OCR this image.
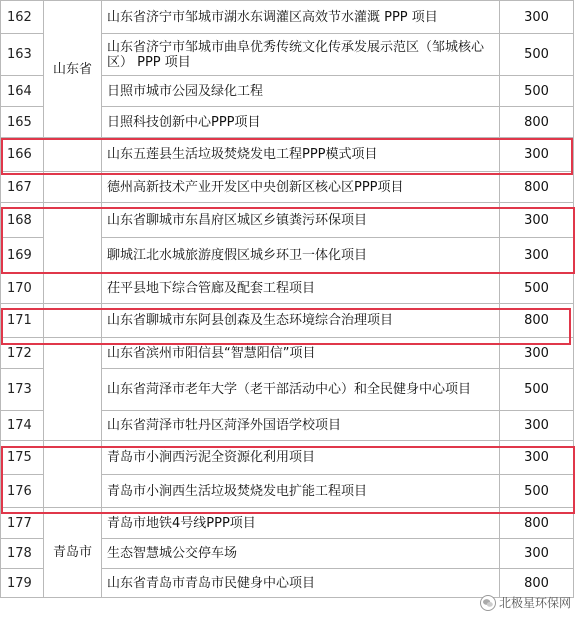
162	山东省	山东省济宁市邹城市湖水东调灌区高效节水灌溉 PPP 项目	300
163		山东省济宁市邹城市曲阜优秀传统文化传承发展示范区（邹城核心区） PPP 项目	500
164		日照市城市公园及绿化工程	500
165		日照科技创新中心PPP项目	800
166		山东五莲县生活垃圾焚烧发电工程PPP模式项目	300
167		德州高新技术产业开发区中央创新区核心区PPP项目	800
168		山东省聊城市东昌府区城区乡镇粪污环保项目	300
169		聊城江北水城旅游度假区城乡环卫一体化项目	300
170		茌平县地下综合管廊及配套工程项目	500
171		山东省聊城市东阿县创森及生态环境综合治理项目	800
172		山东省滨州市阳信县“智慧阳信”项目	300
173		山东省菏泽市老年大学（老干部活动中心）和全民健身中心项目	500
174		山东省菏泽市牡丹区菏泽外国语学校项目	300
175		青岛市小涧西污泥全资源化利用项目	300
176		青岛市小涧西生活垃圾焚烧发电扩能工程项目	500
177	青岛市	青岛市地铁4号线PPP项目	800
178		生态智慧城公交停车场	300
179		山东省青岛市青岛市民健身中心项目	800
北极星环保网
